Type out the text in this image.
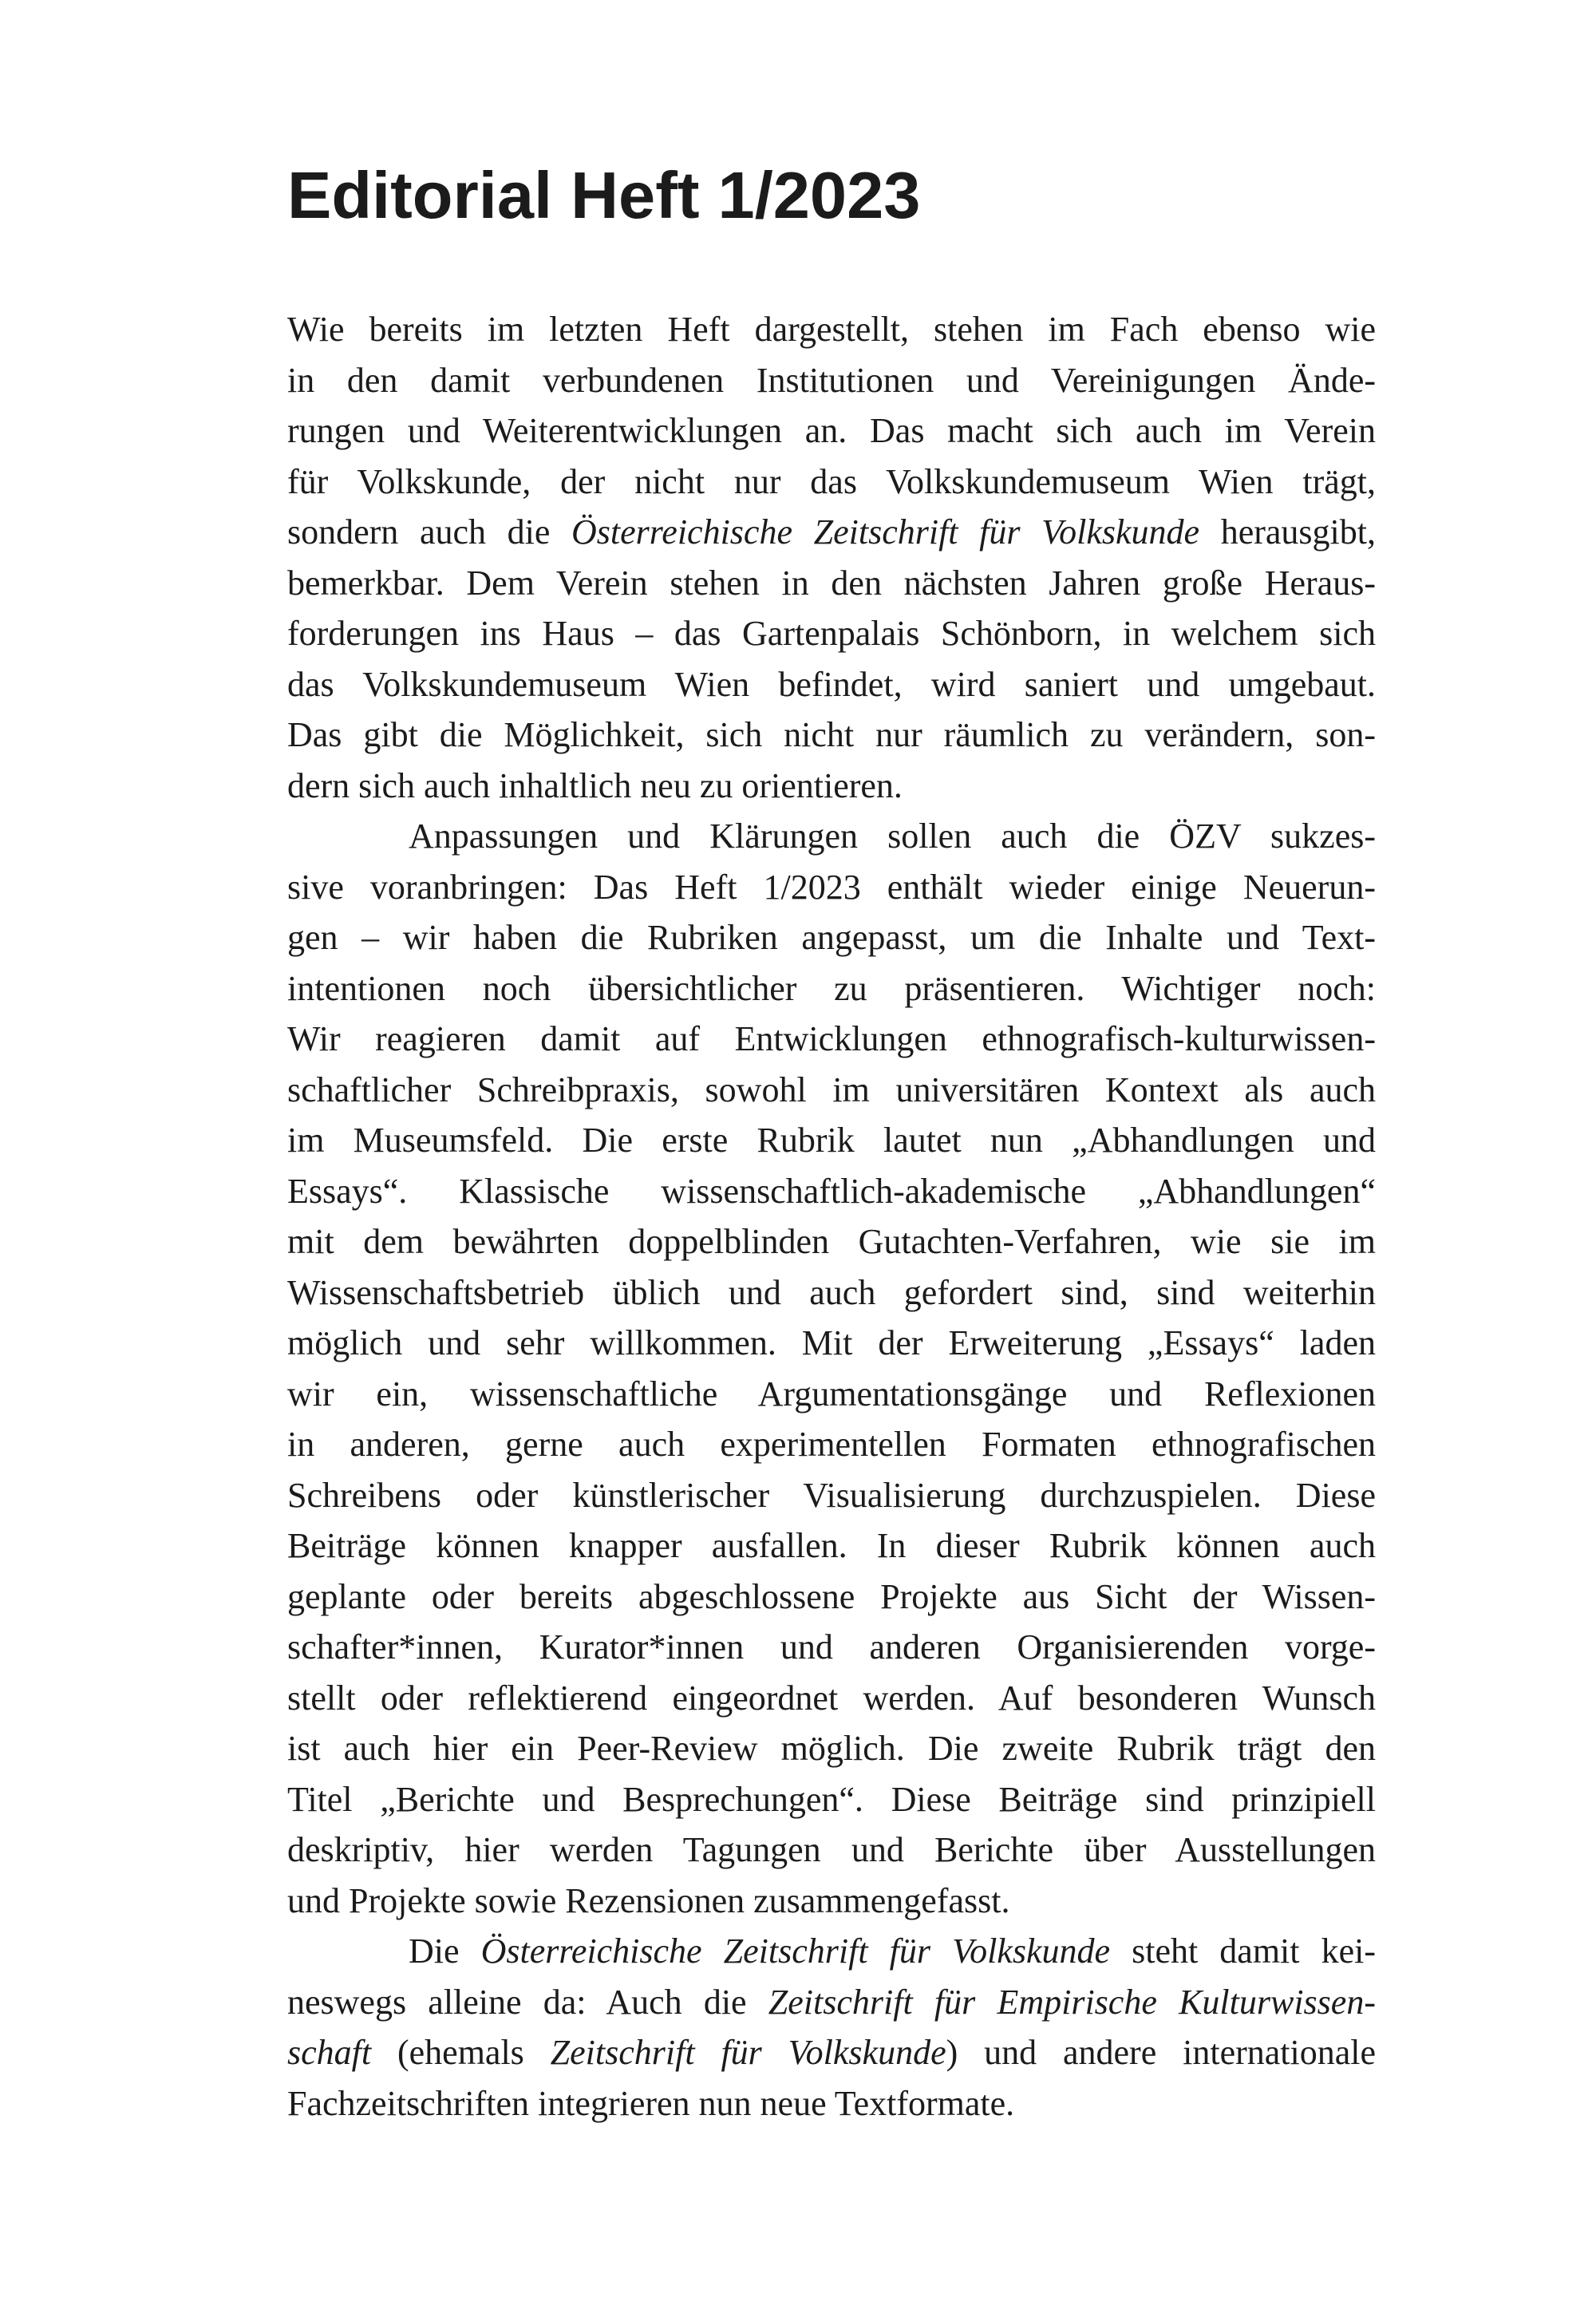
Editorial Heft 1/2023
Wie bereits im letzten Heft dargestellt, stehen im Fach ebenso wie
in den damit verbundenen Institutionen und Vereinigungen Ände-
rungen und Weiterentwicklungen an. Das macht sich auch im Verein
für Volkskunde, der nicht nur das Volkskundemuseum Wien trägt,
sondern auch die Österreichische Zeitschrift für Volkskunde herausgibt,
bemerkbar. Dem Verein stehen in den nächsten Jahren große Heraus-
forderungen ins Haus – das Gartenpalais Schönborn, in welchem sich
das Volkskundemuseum Wien befindet, wird saniert und umgebaut.
Das gibt die Möglichkeit, sich nicht nur räumlich zu verändern, son-
dern sich auch inhaltlich neu zu orientieren.
Anpassungen und Klärungen sollen auch die ÖZV sukzes-
sive voranbringen: Das Heft 1/2023 enthält wieder einige Neuerun-
gen – wir haben die Rubriken angepasst, um die Inhalte und Text-
intentionen noch übersichtlicher zu präsentieren. Wichtiger noch:
Wir reagieren damit auf Entwicklungen ethnografisch-kulturwissen-
schaftlicher Schreibpraxis, sowohl im universitären Kontext als auch
im Museumsfeld. Die erste Rubrik lautet nun „Abhandlungen und
Essays“. Klassische wissenschaftlich-akademische „Abhandlungen“
mit dem bewährten doppelblinden Gutachten-Verfahren, wie sie im
Wissenschaftsbetrieb üblich und auch gefordert sind, sind weiterhin
möglich und sehr willkommen. Mit der Erweiterung „Essays“ laden
wir ein, wissenschaftliche Argumentationsgänge und Reflexionen
in anderen, gerne auch experimentellen Formaten ethnografischen
Schreibens oder künstlerischer Visualisierung durchzuspielen. Diese
Beiträge können knapper ausfallen. In dieser Rubrik können auch
geplante oder bereits abgeschlossene Projekte aus Sicht der Wissen-
schafter*innen, Kurator*innen und anderen Organisierenden vorge-
stellt oder reflektierend eingeordnet werden. Auf besonderen Wunsch
ist auch hier ein Peer-Review möglich. Die zweite Rubrik trägt den
Titel „Berichte und Besprechungen“. Diese Beiträge sind prinzipiell
deskriptiv, hier werden Tagungen und Berichte über Ausstellungen
und Projekte sowie Rezensionen zusammengefasst.
Die Österreichische Zeitschrift für Volkskunde steht damit kei-
neswegs alleine da: Auch die Zeitschrift für Empirische Kulturwissen-
schaft (ehemals Zeitschrift für Volkskunde) und andere internationale
Fachzeitschriften integrieren nun neue Textformate.
